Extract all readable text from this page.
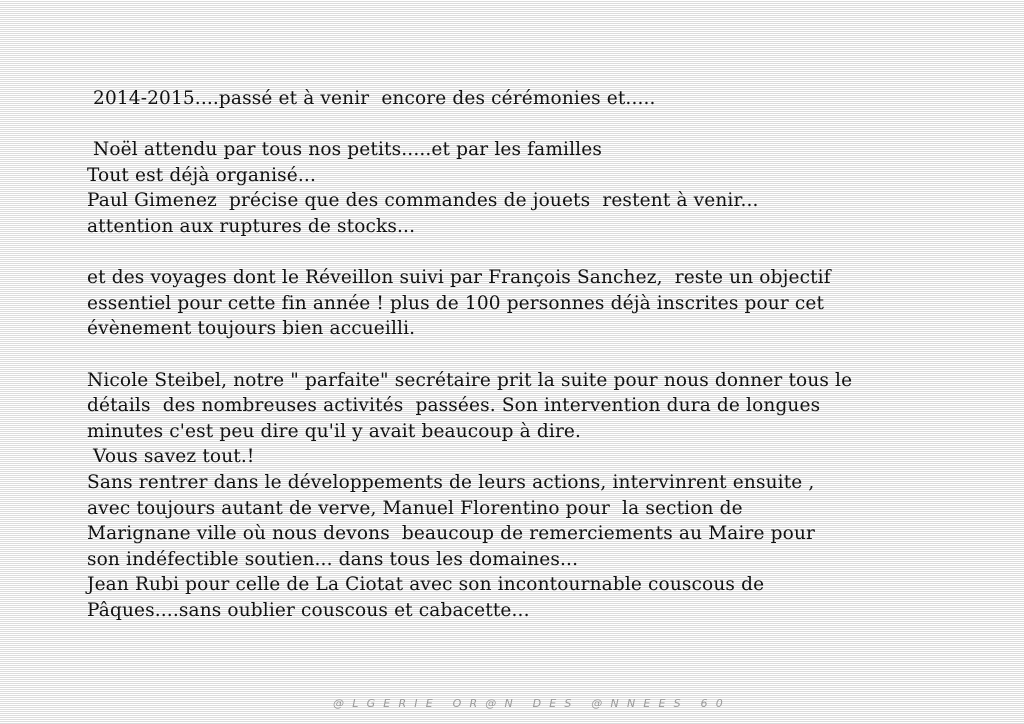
2014-2015....passé et à venir  encore des cérémonies et.....
Noël attendu par tous nos petits.....et par les familles
Tout est déjà organisé...
Paul Gimenez  précise que des commandes de jouets  restent à venir...
attention aux ruptures de stocks...
et des voyages dont le Réveillon suivi par François Sanchez,  reste un objectif
essentiel pour cette fin année ! plus de 100 personnes déjà inscrites pour cet
évènement toujours bien accueilli.
Nicole Steibel, notre " parfaite" secrétaire prit la suite pour nous donner tous le
détails  des nombreuses activités  passées. Son intervention dura de longues
minutes c'est peu dire qu'il y avait beaucoup à dire.
Vous savez tout.!
Sans rentrer dans le développements de leurs actions, intervinrent ensuite ,
avec toujours autant de verve, Manuel Florentino pour  la section de
Marignane ville où nous devons  beaucoup de remerciements au Maire pour
son indéfectible soutien... dans tous les domaines...
Jean Rubi pour celle de La Ciotat avec son incontournable couscous de
Pâques....sans oublier couscous et cabacette...
@LGERIE OR@N DES @NNEES 60
